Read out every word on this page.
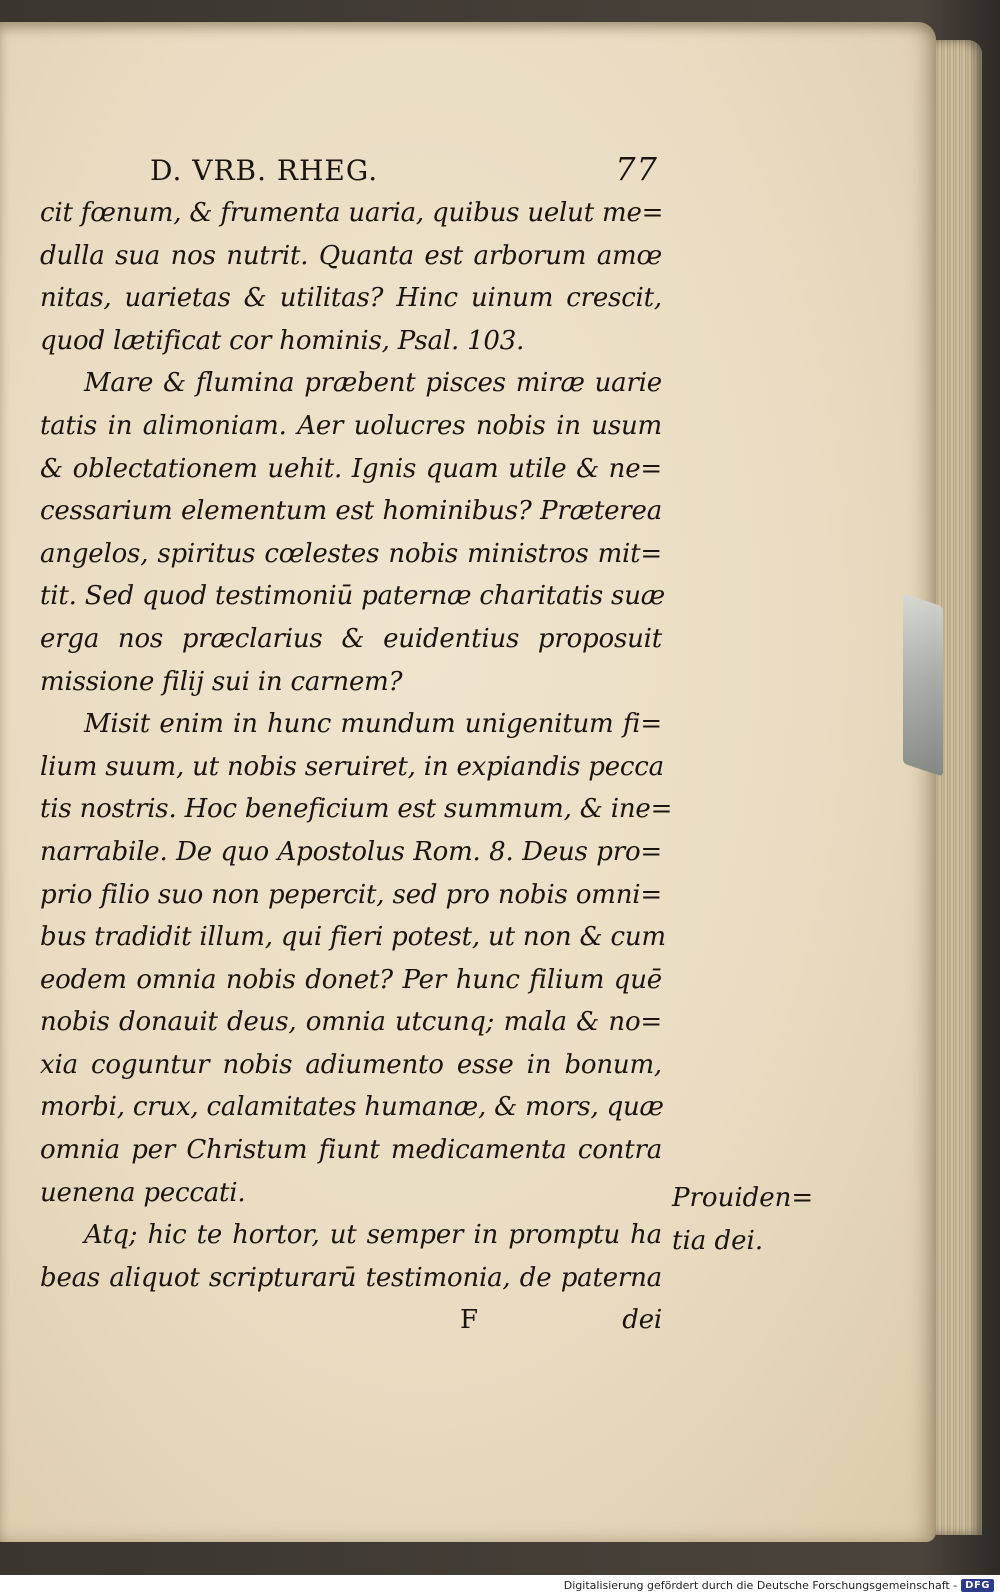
D. VRB. RHEG.	77
cit fœnum, & frumenta uaria, quibus uelut me=
dulla sua nos nutrit. Quanta est arborum amœ
nitas, uarietas & utilitas? Hinc uinum crescit,
quod lætificat cor hominis, Psal. 103.
Mare & flumina præbent pisces miræ uarie
tatis in alimoniam. Aer uolucres nobis in usum
& oblectationem uehit. Ignis quam utile & ne=
cessarium elementum est hominibus? Præterea
angelos, spiritus cœlestes nobis ministros mit=
tit. Sed quod testimoniū paternæ charitatis suæ
erga nos præclarius & euidentius proposuit
missione filij sui in carnem?
Misit enim in hunc mundum unigenitum fi=
lium suum, ut nobis seruiret, in expiandis pecca
tis nostris. Hoc beneficium est summum, & ine=
narrabile. De quo Apostolus Rom. 8. Deus pro=
prio filio suo non pepercit, sed pro nobis omni=
bus tradidit illum, qui fieri potest, ut non & cum
eodem omnia nobis donet? Per hunc filium quē
nobis donauit deus, omnia utcunq; mala & no=
xia coguntur nobis adiumento esse in bonum,
morbi, crux, calamitates humanæ, & mors, quæ
omnia per Christum fiunt medicamenta contra
uenena peccati.
Atq; hic te hortor, ut semper in promptu ha
beas aliquot scripturarū testimonia, de paterna
F	dei
Prouiden=
tia dei.
Digitalisierung gefördert durch die Deutsche Forschungsgemeinschaft - DFG
